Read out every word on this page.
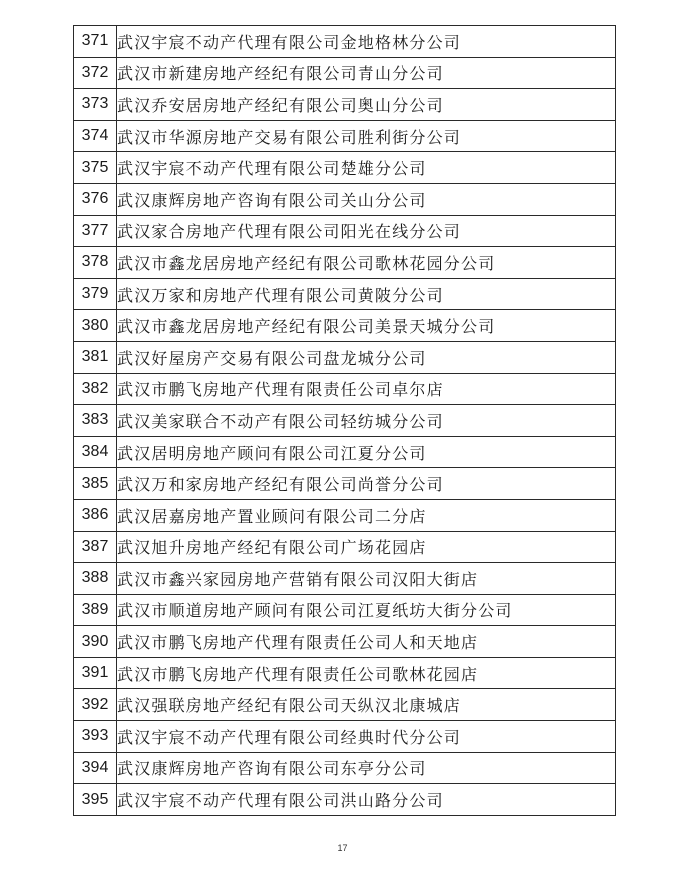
371	武汉宇宸不动产代理有限公司金地格林分公司
372	武汉市新建房地产经纪有限公司青山分公司
373	武汉乔安居房地产经纪有限公司奥山分公司
374	武汉市华源房地产交易有限公司胜利街分公司
375	武汉宇宸不动产代理有限公司楚雄分公司
376	武汉康辉房地产咨询有限公司关山分公司
377	武汉家合房地产代理有限公司阳光在线分公司
378	武汉市鑫龙居房地产经纪有限公司歌林花园分公司
379	武汉万家和房地产代理有限公司黄陂分公司
380	武汉市鑫龙居房地产经纪有限公司美景天城分公司
381	武汉好屋房产交易有限公司盘龙城分公司
382	武汉市鹏飞房地产代理有限责任公司卓尔店
383	武汉美家联合不动产有限公司轻纺城分公司
384	武汉居明房地产顾问有限公司江夏分公司
385	武汉万和家房地产经纪有限公司尚誉分公司
386	武汉居嘉房地产置业顾问有限公司二分店
387	武汉旭升房地产经纪有限公司广场花园店
388	武汉市鑫兴家园房地产营销有限公司汉阳大街店
389	武汉市顺道房地产顾问有限公司江夏纸坊大街分公司
390	武汉市鹏飞房地产代理有限责任公司人和天地店
391	武汉市鹏飞房地产代理有限责任公司歌林花园店
392	武汉强联房地产经纪有限公司天纵汉北康城店
393	武汉宇宸不动产代理有限公司经典时代分公司
394	武汉康辉房地产咨询有限公司东亭分公司
395	武汉宇宸不动产代理有限公司洪山路分公司
17
